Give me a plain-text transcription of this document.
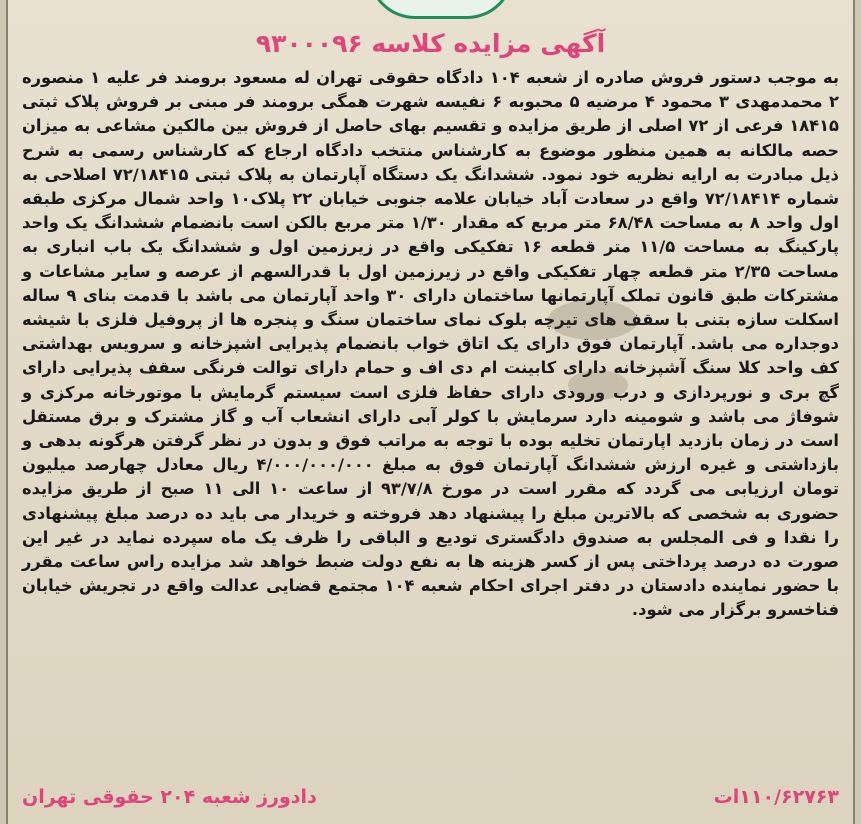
آگهی مزایده کلاسه ۹۳۰۰۰۹۶
به موجب دستور فروش صادره از شعبه ۱۰۴ دادگاه حقوقی تهران له مسعود برومند فر علیه ۱ منصوره ۲ محمدمهدی ۳ محمود ۴ مرضیه ۵ محبوبه ۶ نفیسه شهرت همگی برومند فر مبنی بر فروش پلاک ثبتی ۱۸۴۱۵ فرعی از ۷۲ اصلی از طریق مزایده و تقسیم بهای حاصل از فروش بین مالکین مشاعی به میزان حصه مالکانه به همین منظور موضوع به کارشناس منتخب دادگاه ارجاع که کارشناس رسمی به شرح ذیل مبادرت به ارایه نظریه خود نمود. ششدانگ یک دستگاه آپارتمان به پلاک ثبتی ۷۲/۱۸۴۱۵ اصلاحی به شماره ۷۲/۱۸۴۱۴ واقع در سعادت آباد خیابان علامه جنوبی خیابان ۲۲ پلاک۱۰ واحد شمال مرکزی طبقه اول واحد ۸ به مساحت ۶۸/۴۸ متر مربع که مقدار ۱/۳۰ متر مربع بالکن است بانضمام ششدانگ یک واحد پارکینگ به مساحت ۱۱/۵ متر قطعه ۱۶ تفکیکی واقع در زیرزمین اول و ششدانگ یک باب انباری به مساحت ۲/۳۵ متر قطعه چهار تفکیکی واقع در زیرزمین اول با قدرالسهم از عرصه و سایر مشاعات و مشترکات طبق قانون تملک آپارتمانها ساختمان دارای ۳۰ واحد آپارتمان می باشد با قدمت بنای ۹ ساله اسکلت سازه بتنی با سقف های تیرچه بلوک نمای ساختمان سنگ و پنجره ها از پروفیل فلزی با شیشه دوجداره می باشد. آپارتمان فوق دارای یک اتاق خواب بانضمام پذیرایی اشپزخانه و سرویس بهداشتی کف واحد کلا سنگ آشپزخانه دارای کابینت ام دی اف و حمام دارای توالت فرنگی سقف پذیرایی دارای گچ بری و نورپردازی و درب ورودی دارای حفاظ فلزی است سیستم گرمایش با موتورخانه مرکزی و شوفاژ می باشد و شومینه دارد سرمایش با کولر آبی دارای انشعاب آب و گاز مشترک و برق مستقل است در زمان بازدید اپارتمان تخلیه بوده با توجه به مراتب فوق و بدون در نظر گرفتن هرگونه بدهی و بازداشتی و غیره ارزش ششدانگ آپارتمان فوق به مبلغ ۴/۰۰۰/۰۰۰/۰۰۰ ریال معادل چهارصد میلیون تومان ارزیابی می گردد که مقرر است در مورخ ۹۳/۷/۸ از ساعت ۱۰ الی ۱۱ صبح از طریق مزایده حضوری به شخصی که بالاترین مبلغ را پیشنهاد دهد فروخته و خریدار می باید ده درصد مبلغ پیشنهادی را نقدا و فی المجلس به صندوق دادگستری تودیع و الباقی را ظرف یک ماه سپرده نماید در غیر این صورت ده درصد پرداختی پس از کسر هزینه ها به نفع دولت ضبط خواهد شد مزایده راس ساعت مقرر با حضور نماینده دادستان در دفتر اجرای احکام شعبه ۱۰۴ مجتمع قضایی عدالت واقع در تجریش خیابان فناخسرو برگزار می شود.
۱۱۰/۶۲۷۶۳ات
دادورز شعبه ۲۰۴ حقوقی تهران
